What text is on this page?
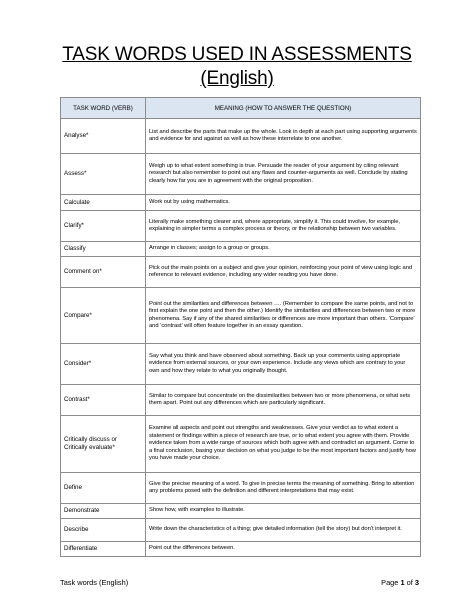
TASK WORDS USED IN ASSESSMENTS
(English)
TASK WORD (VERB)	MEANING (HOW TO ANSWER THE QUESTION)
Analyse*	List and describe the parts that make up the whole. Look in depth at each part using supporting arguments and evidence for and against as well as how these interrelate to one another.
Assess*	Weigh up to what extent something is true. Persuade the reader of your argument by citing relevant research but also remember to point out any flaws and counter-arguments as well. Conclude by stating clearly how far you are in agreement with the original proposition.
Calculate	Work out by using mathematics.
Clarify*	Literally make something clearer and, where appropriate, simplify it. This could involve, for example, explaining in simpler terms a complex process or theory, or the relationship between two variables.
Classify	Arrange in classes; assign to a group or groups.
Comment on*	Pick out the main points on a subject and give your opinion, reinforcing your point of view using logic and reference to relevant evidence, including any wider reading you have done.
Compare*	Point out the similarities and differences between …. (Remember to compare the same points, and not to first explain the one point and then the other.) Identify the similarities and differences between two or more phenomena. Say if any of the shared similarities or differences are more important than others. ‘Compare’ and ‘contrast’ will often feature together in an essay question.
Consider*	Say what you think and have observed about something. Back up your comments using appropriate evidence from external sources, or your own experience. Include any views which are contrary to your own and how they relate to what you originally thought.
Contrast*	Similar to compare but concentrate on the dissimilarities between two or more phenomena, or what sets them apart. Point out any differences which are particularly significant.
Critically discuss or Critically evaluate*	Examine all aspects and point out strengths and weaknesses. Give your verdict as to what extent a statement or findings within a piece of research are true, or to what extent you agree with them. Provide evidence taken from a wide range of sources which both agree with and contradict an argument. Come to a final conclusion, basing your decision on what you judge to be the most important factors and justify how you have made your choice.
Define	Give the precise meaning of a word. To give in precise terms the meaning of something. Bring to attention any problems posed with the definition and different interpretations that may exist.
Demonstrate	Show how, with examples to illustrate.
Describe	Write down the characteristics of a thing; give detailed information (tell the story) but don’t interpret it.
Differentiate	Point out the differences between.
Task words (English)	Page 1 of 3
